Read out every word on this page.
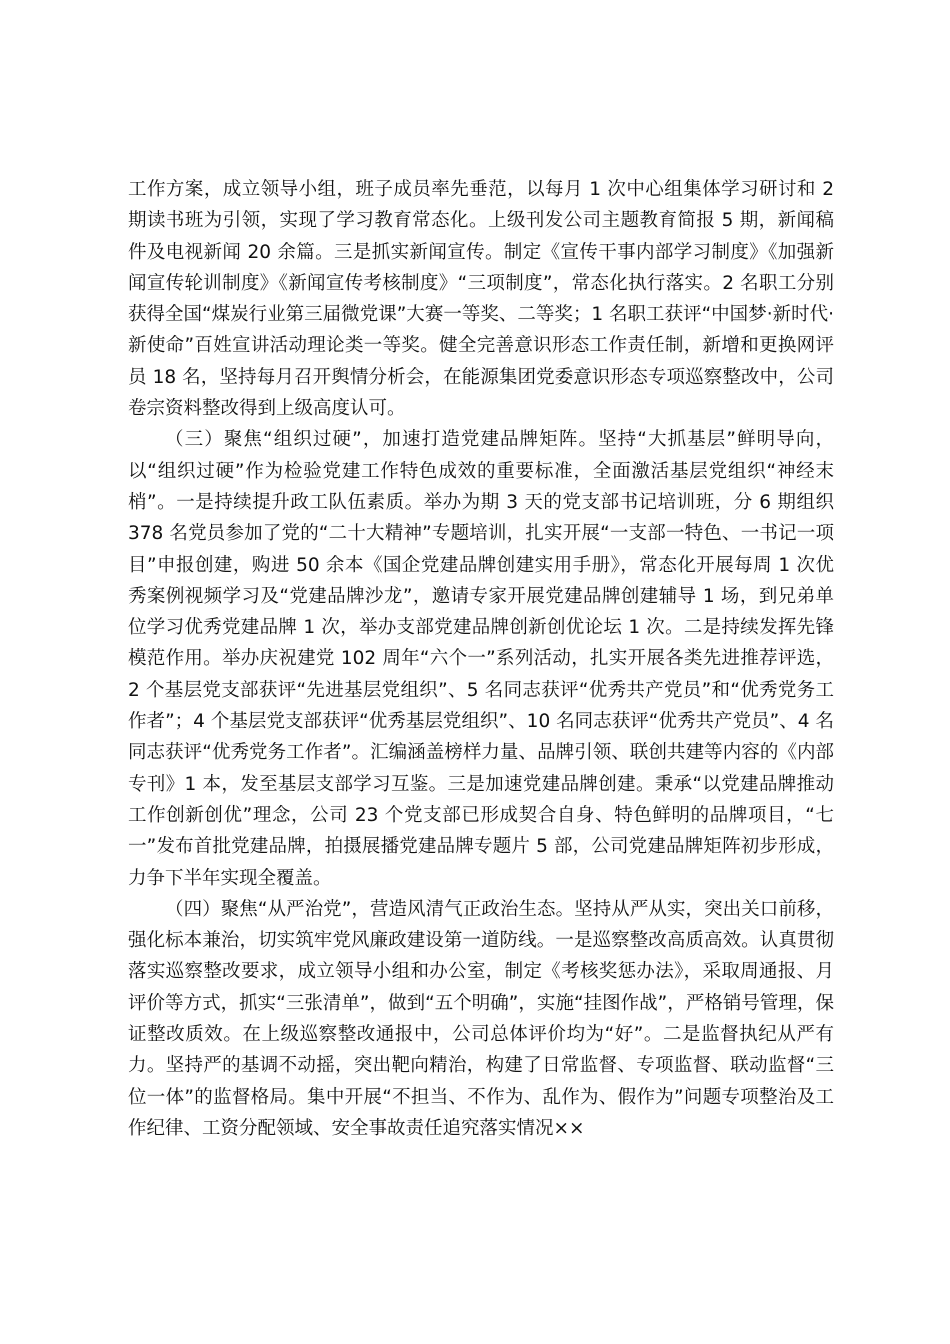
工作方案，成立领导小组，班子成员率先垂范，以每月 1 次中心组集体学习研讨和 2 期读书班为引领，实现了学习教育常态化。上级刊发公司主题教育简报 5 期，新闻稿件及电视新闻 20 余篇。三是抓实新闻宣传。制定《宣传干事内部学习制度》《加强新闻宣传轮训制度》《新闻宣传考核制度》“三项制度”，常态化执行落实。2 名职工分别获得全国“煤炭行业第三届微党课”大赛一等奖、二等奖；1 名职工获评“中国梦·新时代·新使命”百姓宣讲活动理论类一等奖。健全完善意识形态工作责任制，新增和更换网评员 18 名，坚持每月召开舆情分析会，在能源集团党委意识形态专项巡察整改中，公司卷宗资料整改得到上级高度认可。

（三）聚焦“组织过硬”，加速打造党建品牌矩阵。坚持“大抓基层”鲜明导向，以“组织过硬”作为检验党建工作特色成效的重要标准，全面激活基层党组织“神经末梢”。一是持续提升政工队伍素质。举办为期 3 天的党支部书记培训班，分 6 期组织 378 名党员参加了党的“二十大精神”专题培训，扎实开展“一支部一特色、一书记一项目”申报创建，购进 50 余本《国企党建品牌创建实用手册》，常态化开展每周 1 次优秀案例视频学习及“党建品牌沙龙”，邀请专家开展党建品牌创建辅导 1 场，到兄弟单位学习优秀党建品牌 1 次，举办支部党建品牌创新创优论坛 1 次。二是持续发挥先锋模范作用。举办庆祝建党 102 周年“六个一”系列活动，扎实开展各类先进推荐评选，2 个基层党支部获评“先进基层党组织”、5 名同志获评“优秀共产党员”和“优秀党务工作者”；4 个基层党支部获评“优秀基层党组织”、10 名同志获评“优秀共产党员”、4 名同志获评“优秀党务工作者”。汇编涵盖榜样力量、品牌引领、联创共建等内容的《内部专刊》1 本，发至基层支部学习互鉴。三是加速党建品牌创建。秉承“以党建品牌推动工作创新创优”理念，公司 23 个党支部已形成契合自身、特色鲜明的品牌项目，“七一”发布首批党建品牌，拍摄展播党建品牌专题片 5 部，公司党建品牌矩阵初步形成，力争下半年实现全覆盖。

（四）聚焦“从严治党”，营造风清气正政治生态。坚持从严从实，突出关口前移，强化标本兼治，切实筑牢党风廉政建设第一道防线。一是巡察整改高质高效。认真贯彻落实巡察整改要求，成立领导小组和办公室，制定《考核奖惩办法》，采取周通报、月评价等方式，抓实“三张清单”，做到“五个明确”，实施“挂图作战”，严格销号管理，保证整改质效。在上级巡察整改通报中，公司总体评价均为“好”。二是监督执纪从严有力。坚持严的基调不动摇，突出靶向精治，构建了日常监督、专项监督、联动监督“三位一体”的监督格局。集中开展“不担当、不作为、乱作为、假作为”问题专项整治及工作纪律、工资分配领域、安全事故责任追究落实情况××
